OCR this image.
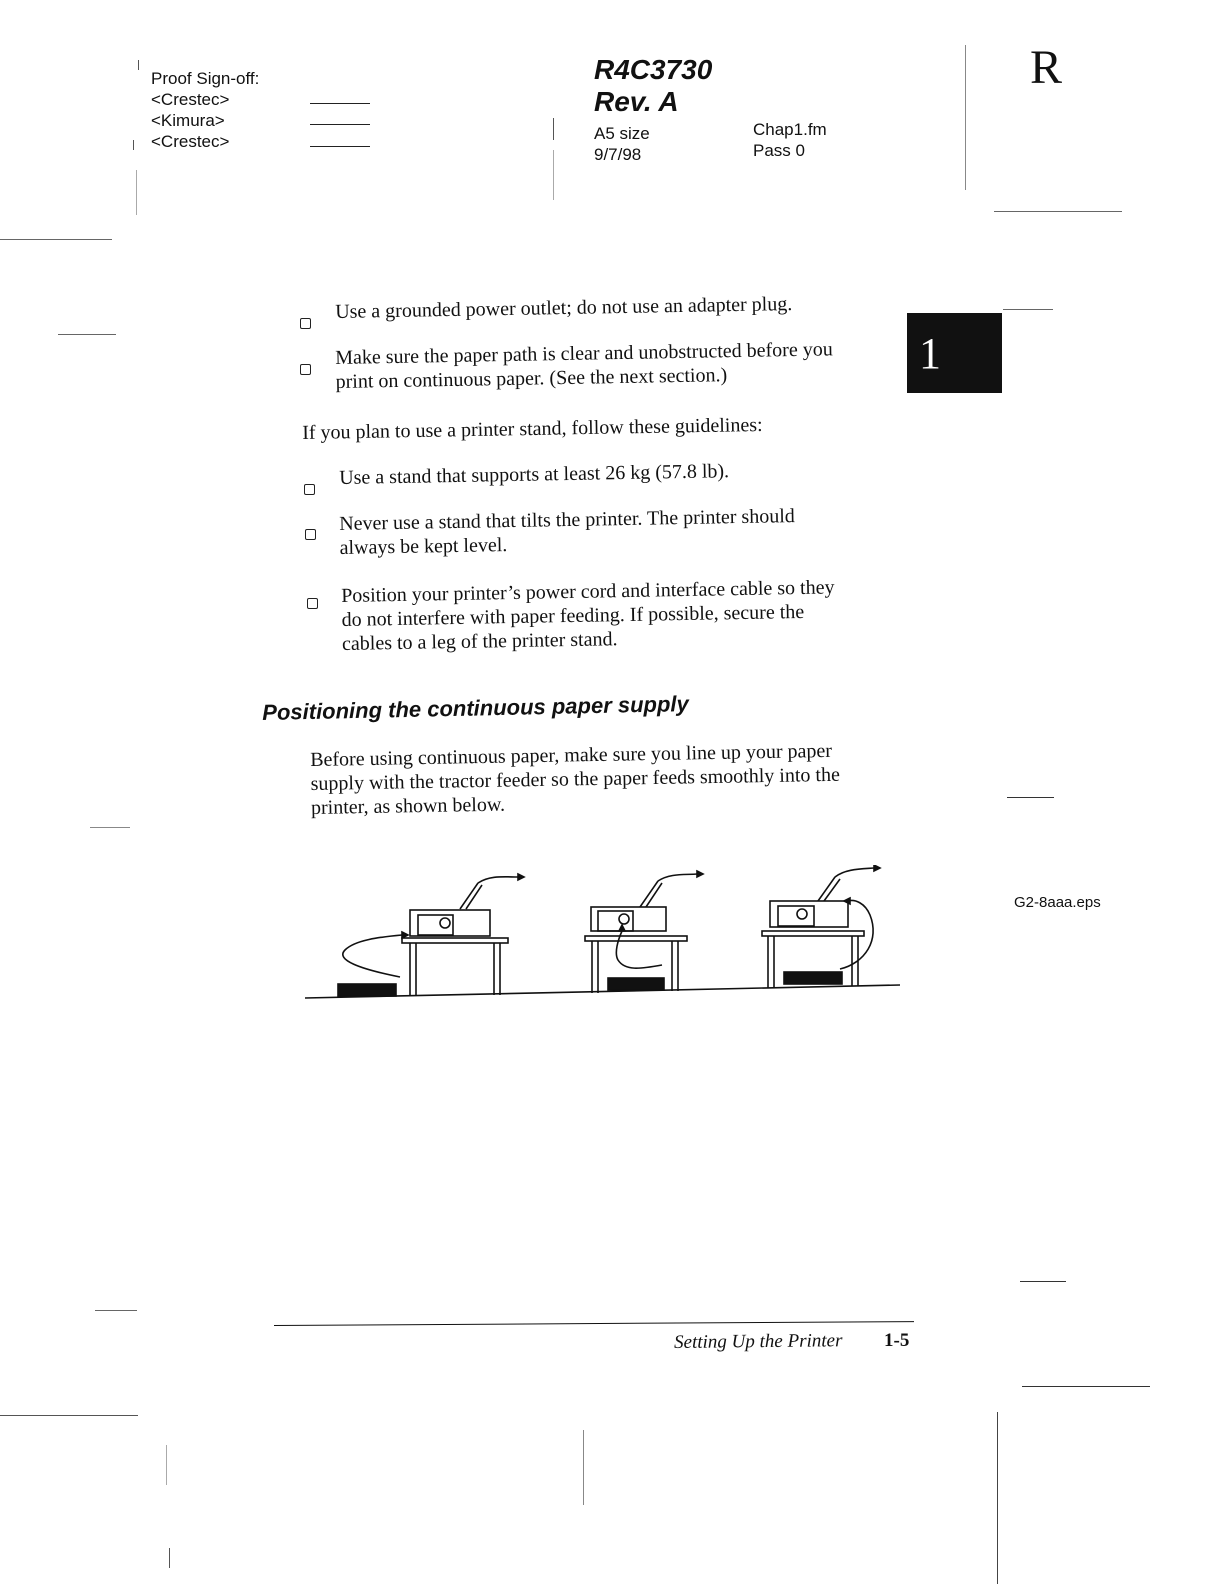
Proof Sign-off:
<Crestec>
<Kimura>
<Crestec>
R4C3730
Rev. A
A5 size
9/7/98
Chap1.fm
Pass 0
R
1
Use a grounded power outlet; do not use an adapter plug.
Make sure the paper path is clear and unobstructed before you
print on continuous paper. (See the next section.)
If you plan to use a printer stand, follow these guidelines:
Use a stand that supports at least 26 kg (57.8 lb).
Never use a stand that tilts the printer. The printer should
always be kept level.
Position your printer’s power cord and interface cable so they
do not interfere with paper feeding. If possible, secure the
cables to a leg of the printer stand.
Positioning the continuous paper supply
Before using continuous paper, make sure you line up your paper
supply with the tractor feeder so the paper feeds smoothly into the
printer, as shown below.
G2-8aaa.eps
Setting Up the Printer 1-5
